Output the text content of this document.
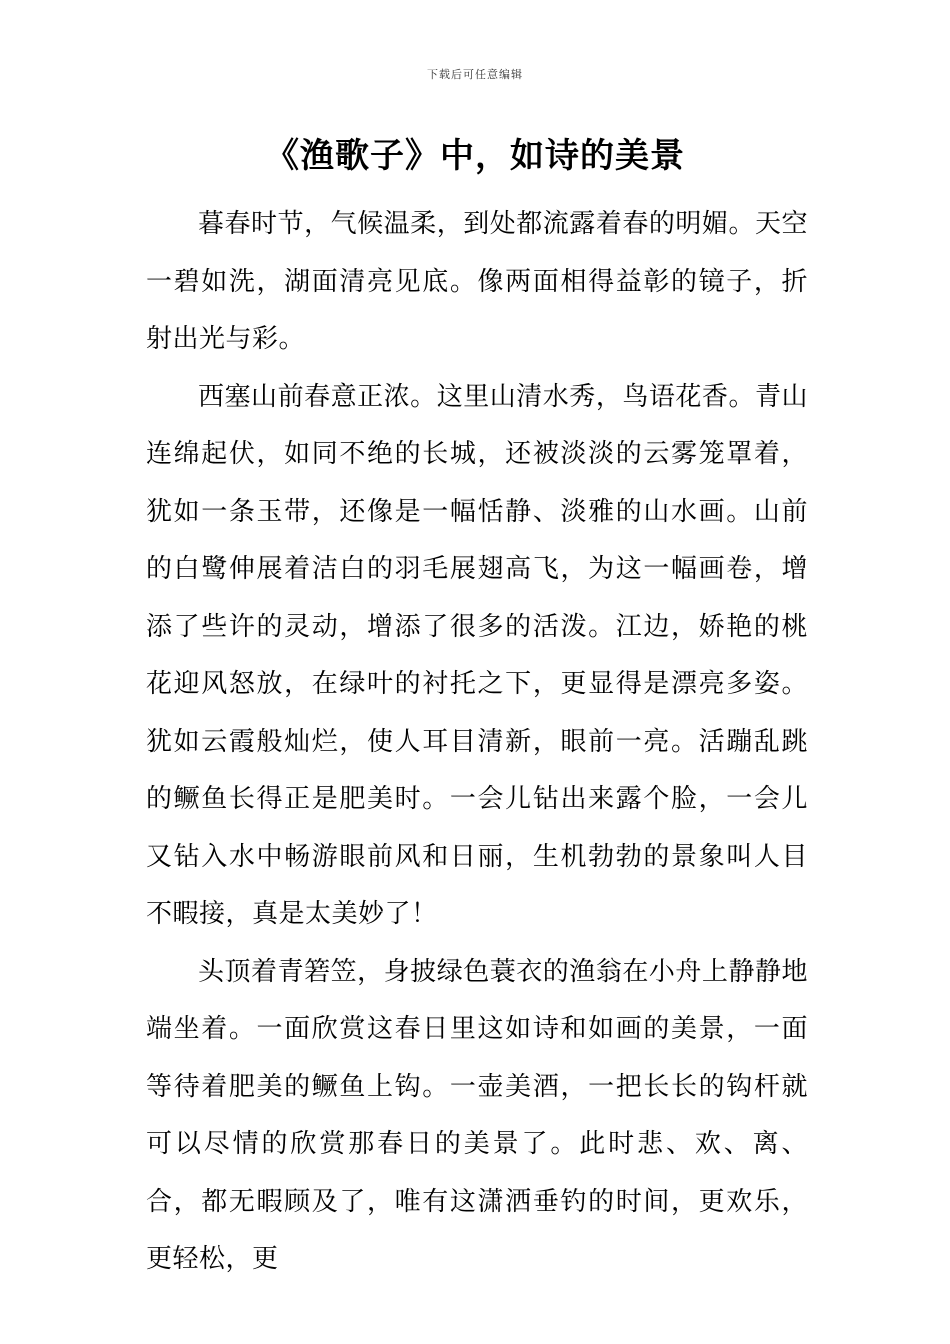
下载后可任意编辑
《渔歌子》中，如诗的美景

暮春时节，气候温柔，到处都流露着春的明媚。天空一碧如洗，湖面清亮见底。像两面相得益彰的镜子，折射出光与彩。

西塞山前春意正浓。这里山清水秀，鸟语花香。青山连绵起伏，如同不绝的长城，还被淡淡的云雾笼罩着，犹如一条玉带，还像是一幅恬静、淡雅的山水画。山前的白鹭伸展着洁白的羽毛展翅高飞，为这一幅画卷，增添了些许的灵动，增添了很多的活泼。江边，娇艳的桃花迎风怒放，在绿叶的衬托之下，更显得是漂亮多姿。犹如云霞般灿烂，使人耳目清新，眼前一亮。活蹦乱跳的鳜鱼长得正是肥美时。一会儿钻出来露个脸，一会儿又钻入水中畅游眼前风和日丽，生机勃勃的景象叫人目不暇接，真是太美妙了！

头顶着青箬笠，身披绿色蓑衣的渔翁在小舟上静静地端坐着。一面欣赏这春日里这如诗和如画的美景，一面等待着肥美的鳜鱼上钩。一壶美酒，一把长长的钩杆就可以尽情的欣赏那春日的美景了。此时悲、欢、离、合，都无暇顾及了，唯有这潇洒垂钓的时间，更欢乐，更轻松，更
